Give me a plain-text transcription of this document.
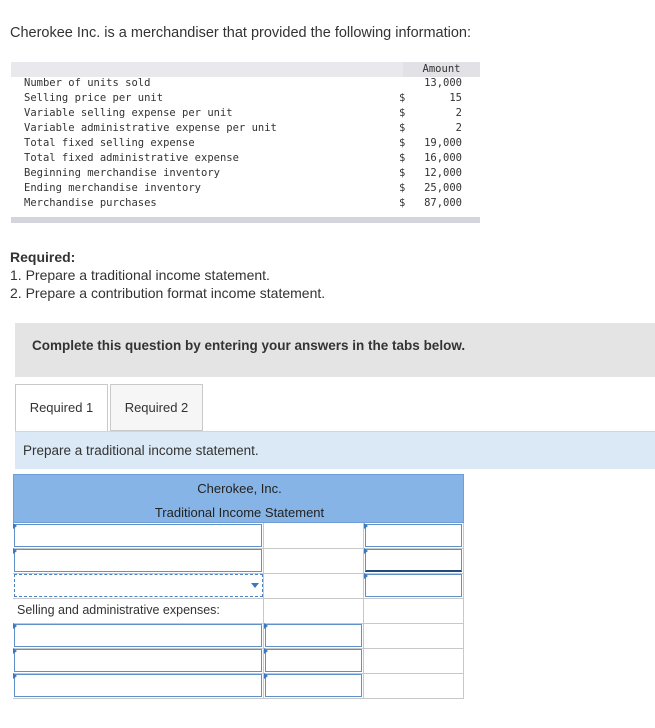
Cherokee Inc. is a merchandiser that provided the following information:
Amount
Number of units sold	13,000
Selling price per unit	$	15
Variable selling expense per unit	$	2
Variable administrative expense per unit	$	2
Total fixed selling expense	$ 19,000
Total fixed administrative expense	$ 16,000
Beginning merchandise inventory	$ 12,000
Ending merchandise inventory	$ 25,000
Merchandise purchases	$ 87,000
Required:
1. Prepare a traditional income statement.
2. Prepare a contribution format income statement.
Complete this question by entering your answers in the tabs below.
Required 1	Required 2
Prepare a traditional income statement.
Cherokee, Inc.
Traditional Income Statement
Selling and administrative expenses:
